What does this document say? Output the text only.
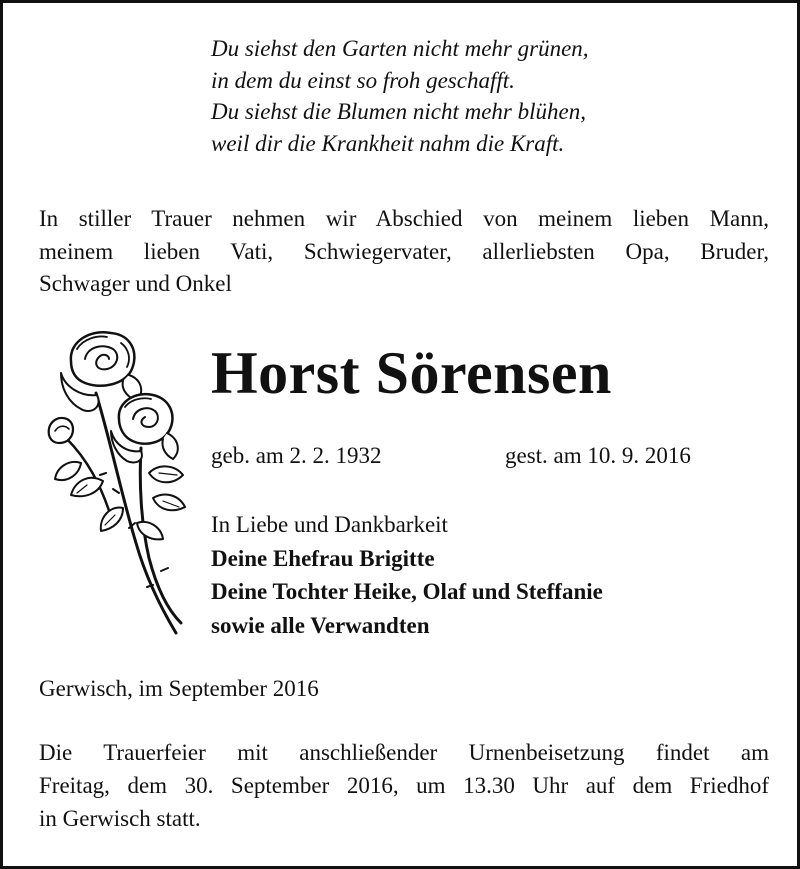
Du siehst den Garten nicht mehr grünen,
in dem du einst so froh geschafft.
Du siehst die Blumen nicht mehr blühen,
weil dir die Krankheit nahm die Kraft.
In stiller Trauer nehmen wir Abschied von meinem lieben Mann,
meinem lieben Vati, Schwiegervater, allerliebsten Opa, Bruder,
Schwager und Onkel
Horst Sörensen
geb. am 2. 2. 1932	gest. am 10. 9. 2016
In Liebe und Dankbarkeit
Deine Ehefrau Brigitte
Deine Tochter Heike, Olaf und Steffanie
sowie alle Verwandten
Gerwisch, im September 2016
Die Trauerfeier mit anschließender Urnenbeisetzung findet am
Freitag, dem 30. September 2016, um 13.30 Uhr auf dem Friedhof
in Gerwisch statt.
